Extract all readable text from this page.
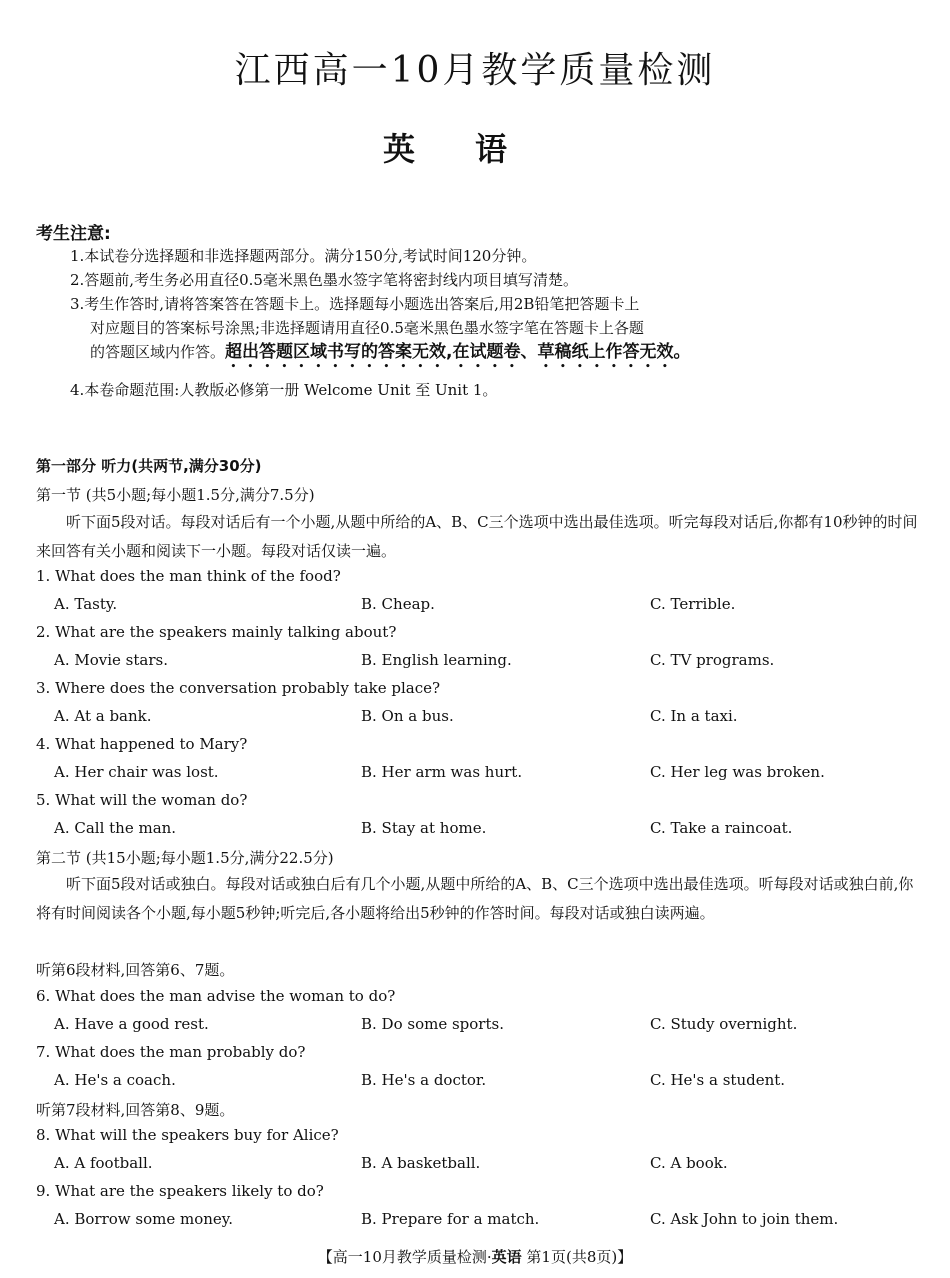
江西高一10月教学质量检测
英语
考生注意:

1.本试卷分选择题和非选择题两部分。满分150分,考试时间120分钟。

2.答题前,考生务必用直径0.5毫米黑色墨水签字笔将密封线内项目填写清楚。

3.考生作答时,请将答案答在答题卡上。选择题每小题选出答案后,用2B铅笔把答题卡上
对应题目的答案标号涂黑;非选择题请用直径0.5毫米黑色墨水签字笔在答题卡上各题
的答题区域内作答。超出答题区域书写的答案无效,在试题卷、草稿纸上作答无效。

4.本卷命题范围:人教版必修第一册 Welcome Unit 至 Unit 1。

第一部分 听力(共两节,满分30分)
第一节 (共5小题;每小题1.5分,满分7.5分)
听下面5段对话。每段对话后有一个小题,从题中所给的A、B、C三个选项中选出最佳选项。听完每段对话后,你都有10秒钟的时间来回答有关小题和阅读下一小题。每段对话仅读一遍。
1. What does the man think of the food?
A. Tasty.	B. Cheap.	C. Terrible.
2. What are the speakers mainly talking about?
A. Movie stars.	B. English learning.	C. TV programs.
3. Where does the conversation probably take place?
A. At a bank.	B. On a bus.	C. In a taxi.
4. What happened to Mary?
A. Her chair was lost.	B. Her arm was hurt.	C. Her leg was broken.
5. What will the woman do?
A. Call the man.	B. Stay at home.	C. Take a raincoat.
第二节 (共15小题;每小题1.5分,满分22.5分)
听下面5段对话或独白。每段对话或独白后有几个小题,从题中所给的A、B、C三个选项中选出最佳选项。听每段对话或独白前,你将有时间阅读各个小题,每小题5秒钟;听完后,各小题将给出5秒钟的作答时间。每段对话或独白读两遍。
听第6段材料,回答第6、7题。
6. What does the man advise the woman to do?
A. Have a good rest.	B. Do some sports.	C. Study overnight.
7. What does the man probably do?
A. He's a coach.	B. He's a doctor.	C. He's a student.
听第7段材料,回答第8、9题。
8. What will the speakers buy for Alice?
A. A football.	B. A basketball.	C. A book.
9. What are the speakers likely to do?
A. Borrow some money.	B. Prepare for a match.	C. Ask John to join them.
【高一10月教学质量检测·英语 第1页(共8页)】
